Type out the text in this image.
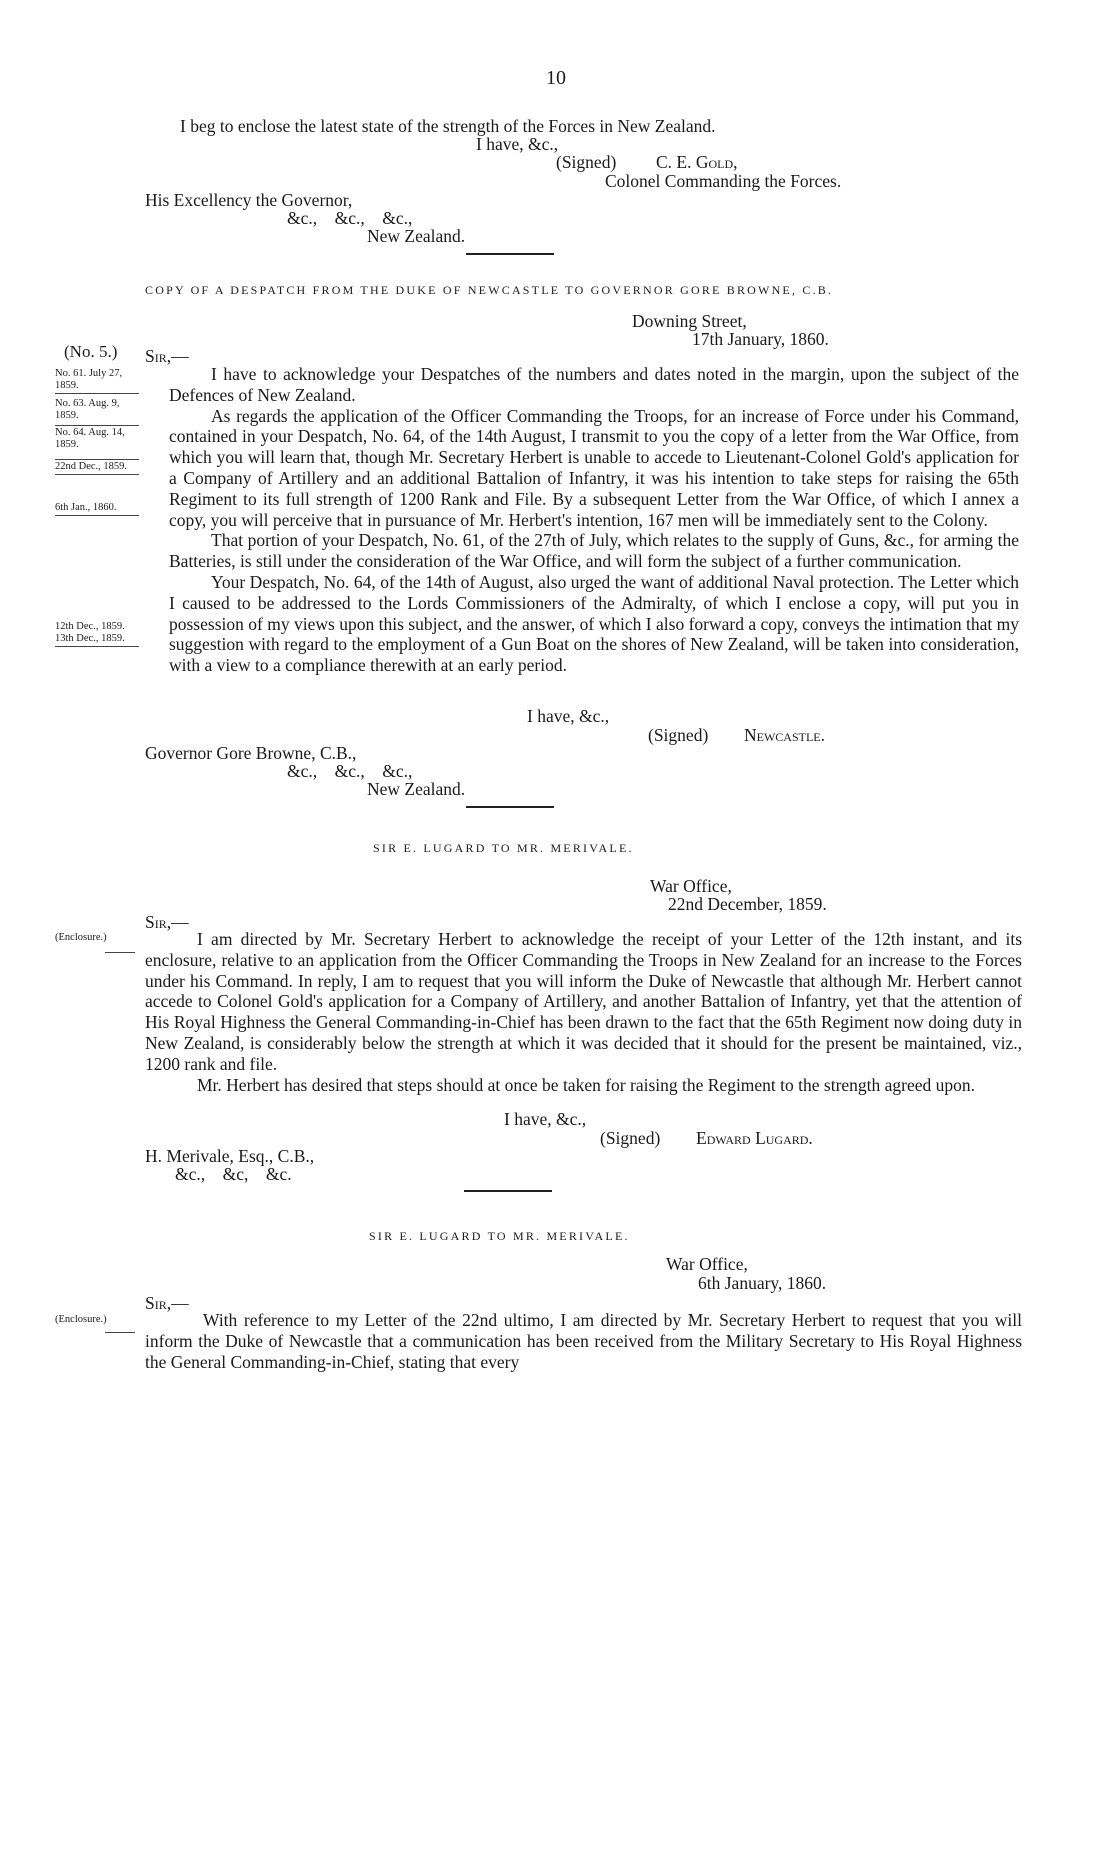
10
I beg to enclose the latest state of the strength of the Forces in New Zealand.
I have, &c.,
(Signed) C. E. Gold,
Colonel Commanding the Forces.
His Excellency the Governor,
&c.,    &c.,    &c.,
New Zealand.
COPY OF A DESPATCH FROM THE DUKE OF NEWCASTLE TO GOVERNOR GORE BROWNE, C.B.
Downing Street,
17th January, 1860.
(No. 5.) Sir,—
No. 61. July 27,
1859.
No. 63. Aug. 9,
1859.
No. 64. Aug. 14,
1859.
22nd Dec., 1859.
6th Jan., 1860.
12th Dec., 1859.
13th Dec., 1859.

I have to acknowledge your Despatches of the numbers and dates noted in the margin, upon the subject of the Defences of New Zealand.

As regards the application of the Officer Commanding the Troops, for an increase of Force under his Command, contained in your Despatch, No. 64, of the 14th August, I transmit to you the copy of a letter from the War Office, from which you will learn that, though Mr. Secretary Herbert is unable to accede to Lieutenant-Colonel Gold's application for a Company of Artillery and an additional Battalion of Infantry, it was his intention to take steps for raising the 65th Regiment to its full strength of 1200 Rank and File. By a subsequent Letter from the War Office, of which I annex a copy, you will perceive that in pursuance of Mr. Herbert's intention, 167 men will be immediately sent to the Colony.

That portion of your Despatch, No. 61, of the 27th of July, which relates to the supply of Guns, &c., for arming the Batteries, is still under the consideration of the War Office, and will form the subject of a further communication.

Your Despatch, No. 64, of the 14th of August, also urged the want of additional Naval protection. The Letter which I caused to be addressed to the Lords Commissioners of the Admiralty, of which I enclose a copy, will put you in possession of my views upon this subject, and the answer, of which I also forward a copy, conveys the intimation that my suggestion with regard to the employment of a Gun Boat on the shores of New Zealand, will be taken into consideration, with a view to a compliance therewith at an early period.

I have, &c.,
(Signed) Newcastle.
Governor Gore Browne, C.B.,
&c.,    &c.,    &c.,
New Zealand.
SIR E. LUGARD TO MR. MERIVALE.
War Office,
22nd December, 1859.
Sir,—
(Enclosure.)	I am directed by Mr. Secretary Herbert to acknowledge the receipt of your Letter of the 12th instant, and its enclosure, relative to an application from the Officer Commanding the Troops in New Zealand for an increase to the Forces under his Command. In reply, I am to request that you will inform the Duke of Newcastle that although Mr. Herbert cannot accede to Colonel Gold's application for a Company of Artillery, and another Battalion of Infantry, yet that the attention of His Royal Highness the General Commanding-in-Chief has been drawn to the fact that the 65th Regiment now doing duty in New Zealand, is considerably below the strength at which it was decided that it should for the present be maintained, viz., 1200 rank and file.

Mr. Herbert has desired that steps should at once be taken for raising the Regiment to the strength agreed upon.

I have, &c.,
(Signed) Edward Lugard.
H. Merivale, Esq., C.B.,
&c.,    &c,    &c.
SIR E. LUGARD TO MR. MERIVALE.
War Office,
6th January, 1860.
Sir,—
(Enclosure.)	With reference to my Letter of the 22nd ultimo, I am directed by Mr. Secretary Herbert to request that you will inform the Duke of Newcastle that a communication has been received from the Military Secretary to His Royal Highness the General Commanding-in-Chief, stating that every
